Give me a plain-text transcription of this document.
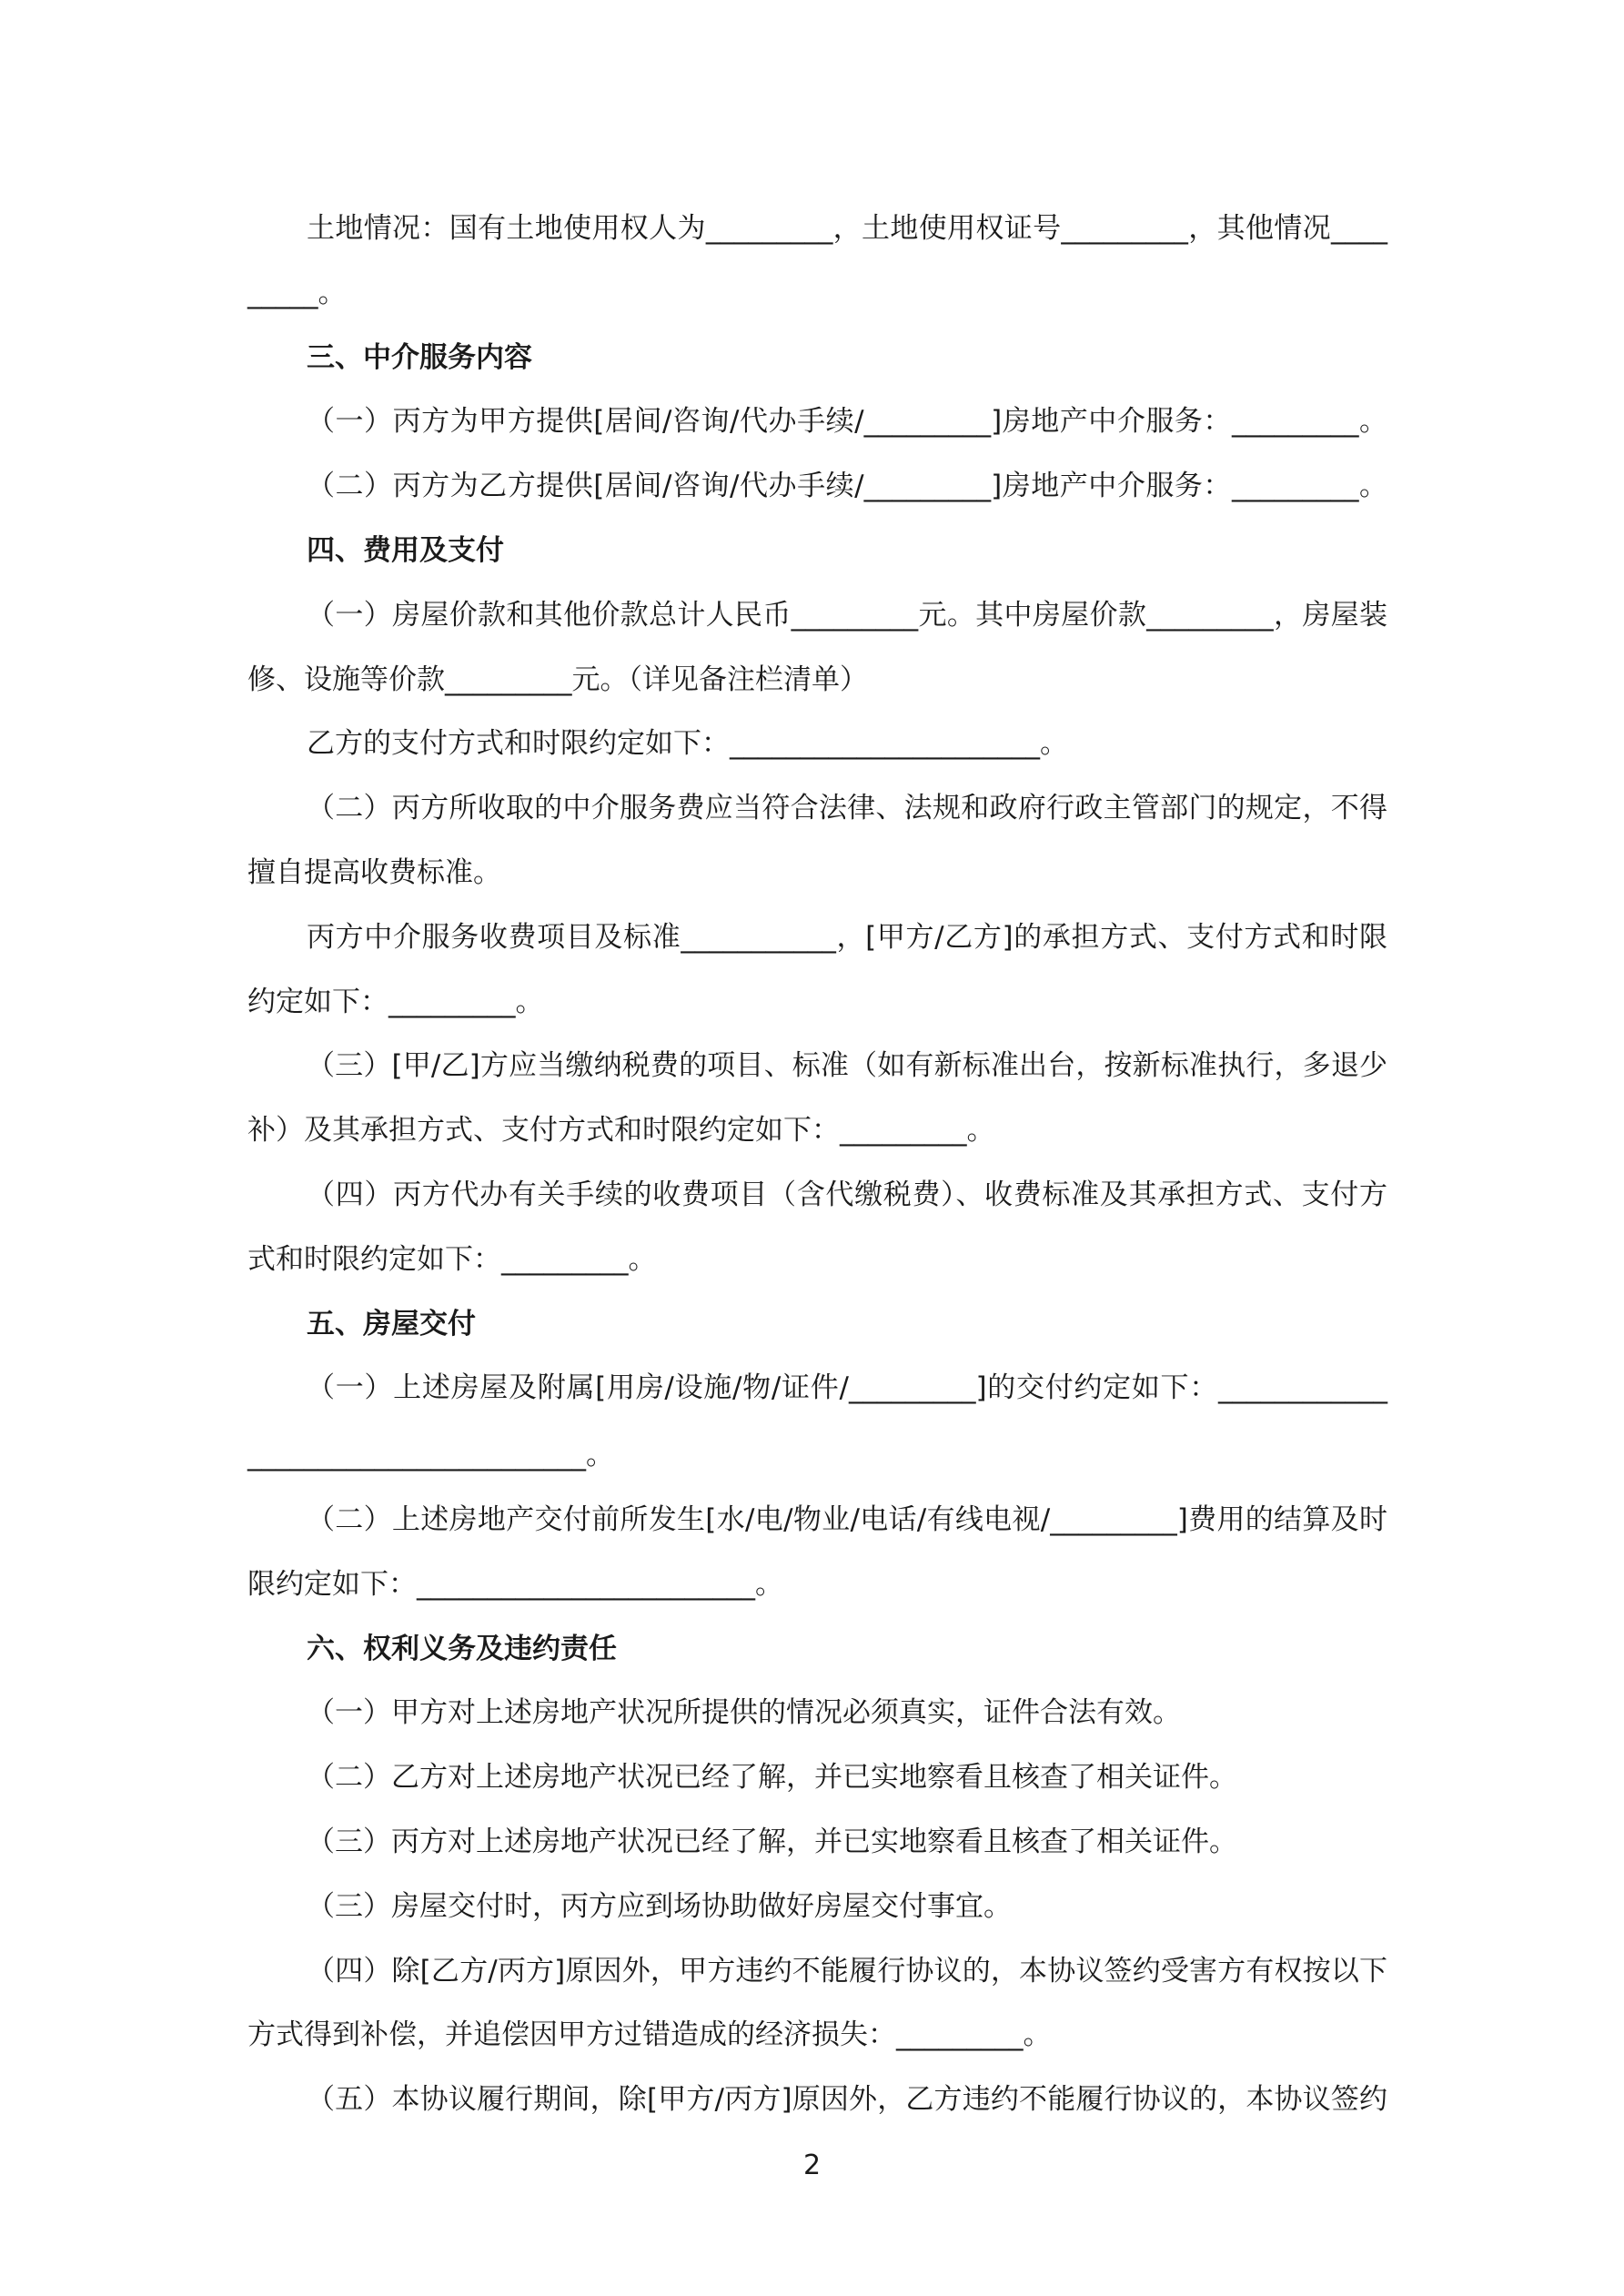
土地情况：国有土地使用权人为_________，土地使用权证号_________，其他情况____
_____。
三、中介服务内容
（一）丙方为甲方提供[居间/咨询/代办手续/_________]房地产中介服务：_________。
（二）丙方为乙方提供[居间/咨询/代办手续/_________]房地产中介服务：_________。
四、费用及支付
（一）房屋价款和其他价款总计人民币_________元。其中房屋价款_________，房屋装
修、设施等价款_________元。（详见备注栏清单）
乙方的支付方式和时限约定如下：______________________。
（二）丙方所收取的中介服务费应当符合法律、法规和政府行政主管部门的规定，不得
擅自提高收费标准。
丙方中介服务收费项目及标准___________，[甲方/乙方]的承担方式、支付方式和时限
约定如下：_________。
（三）[甲/乙]方应当缴纳税费的项目、标准（如有新标准出台，按新标准执行，多退少
补）及其承担方式、支付方式和时限约定如下：_________。
（四）丙方代办有关手续的收费项目（含代缴税费）、收费标准及其承担方式、支付方
式和时限约定如下：_________。
五、房屋交付
（一）上述房屋及附属[用房/设施/物/证件/_________]的交付约定如下：____________
________________________。
（二）上述房地产交付前所发生[水/电/物业/电话/有线电视/_________]费用的结算及时
限约定如下：________________________。
六、权利义务及违约责任
（一）甲方对上述房地产状况所提供的情况必须真实，证件合法有效。
（二）乙方对上述房地产状况已经了解，并已实地察看且核查了相关证件。
（三）丙方对上述房地产状况已经了解，并已实地察看且核查了相关证件。
（三）房屋交付时，丙方应到场协助做好房屋交付事宜。
（四）除[乙方/丙方]原因外，甲方违约不能履行协议的，本协议签约受害方有权按以下
方式得到补偿，并追偿因甲方过错造成的经济损失：_________。
（五）本协议履行期间，除[甲方/丙方]原因外，乙方违约不能履行协议的，本协议签约
2
